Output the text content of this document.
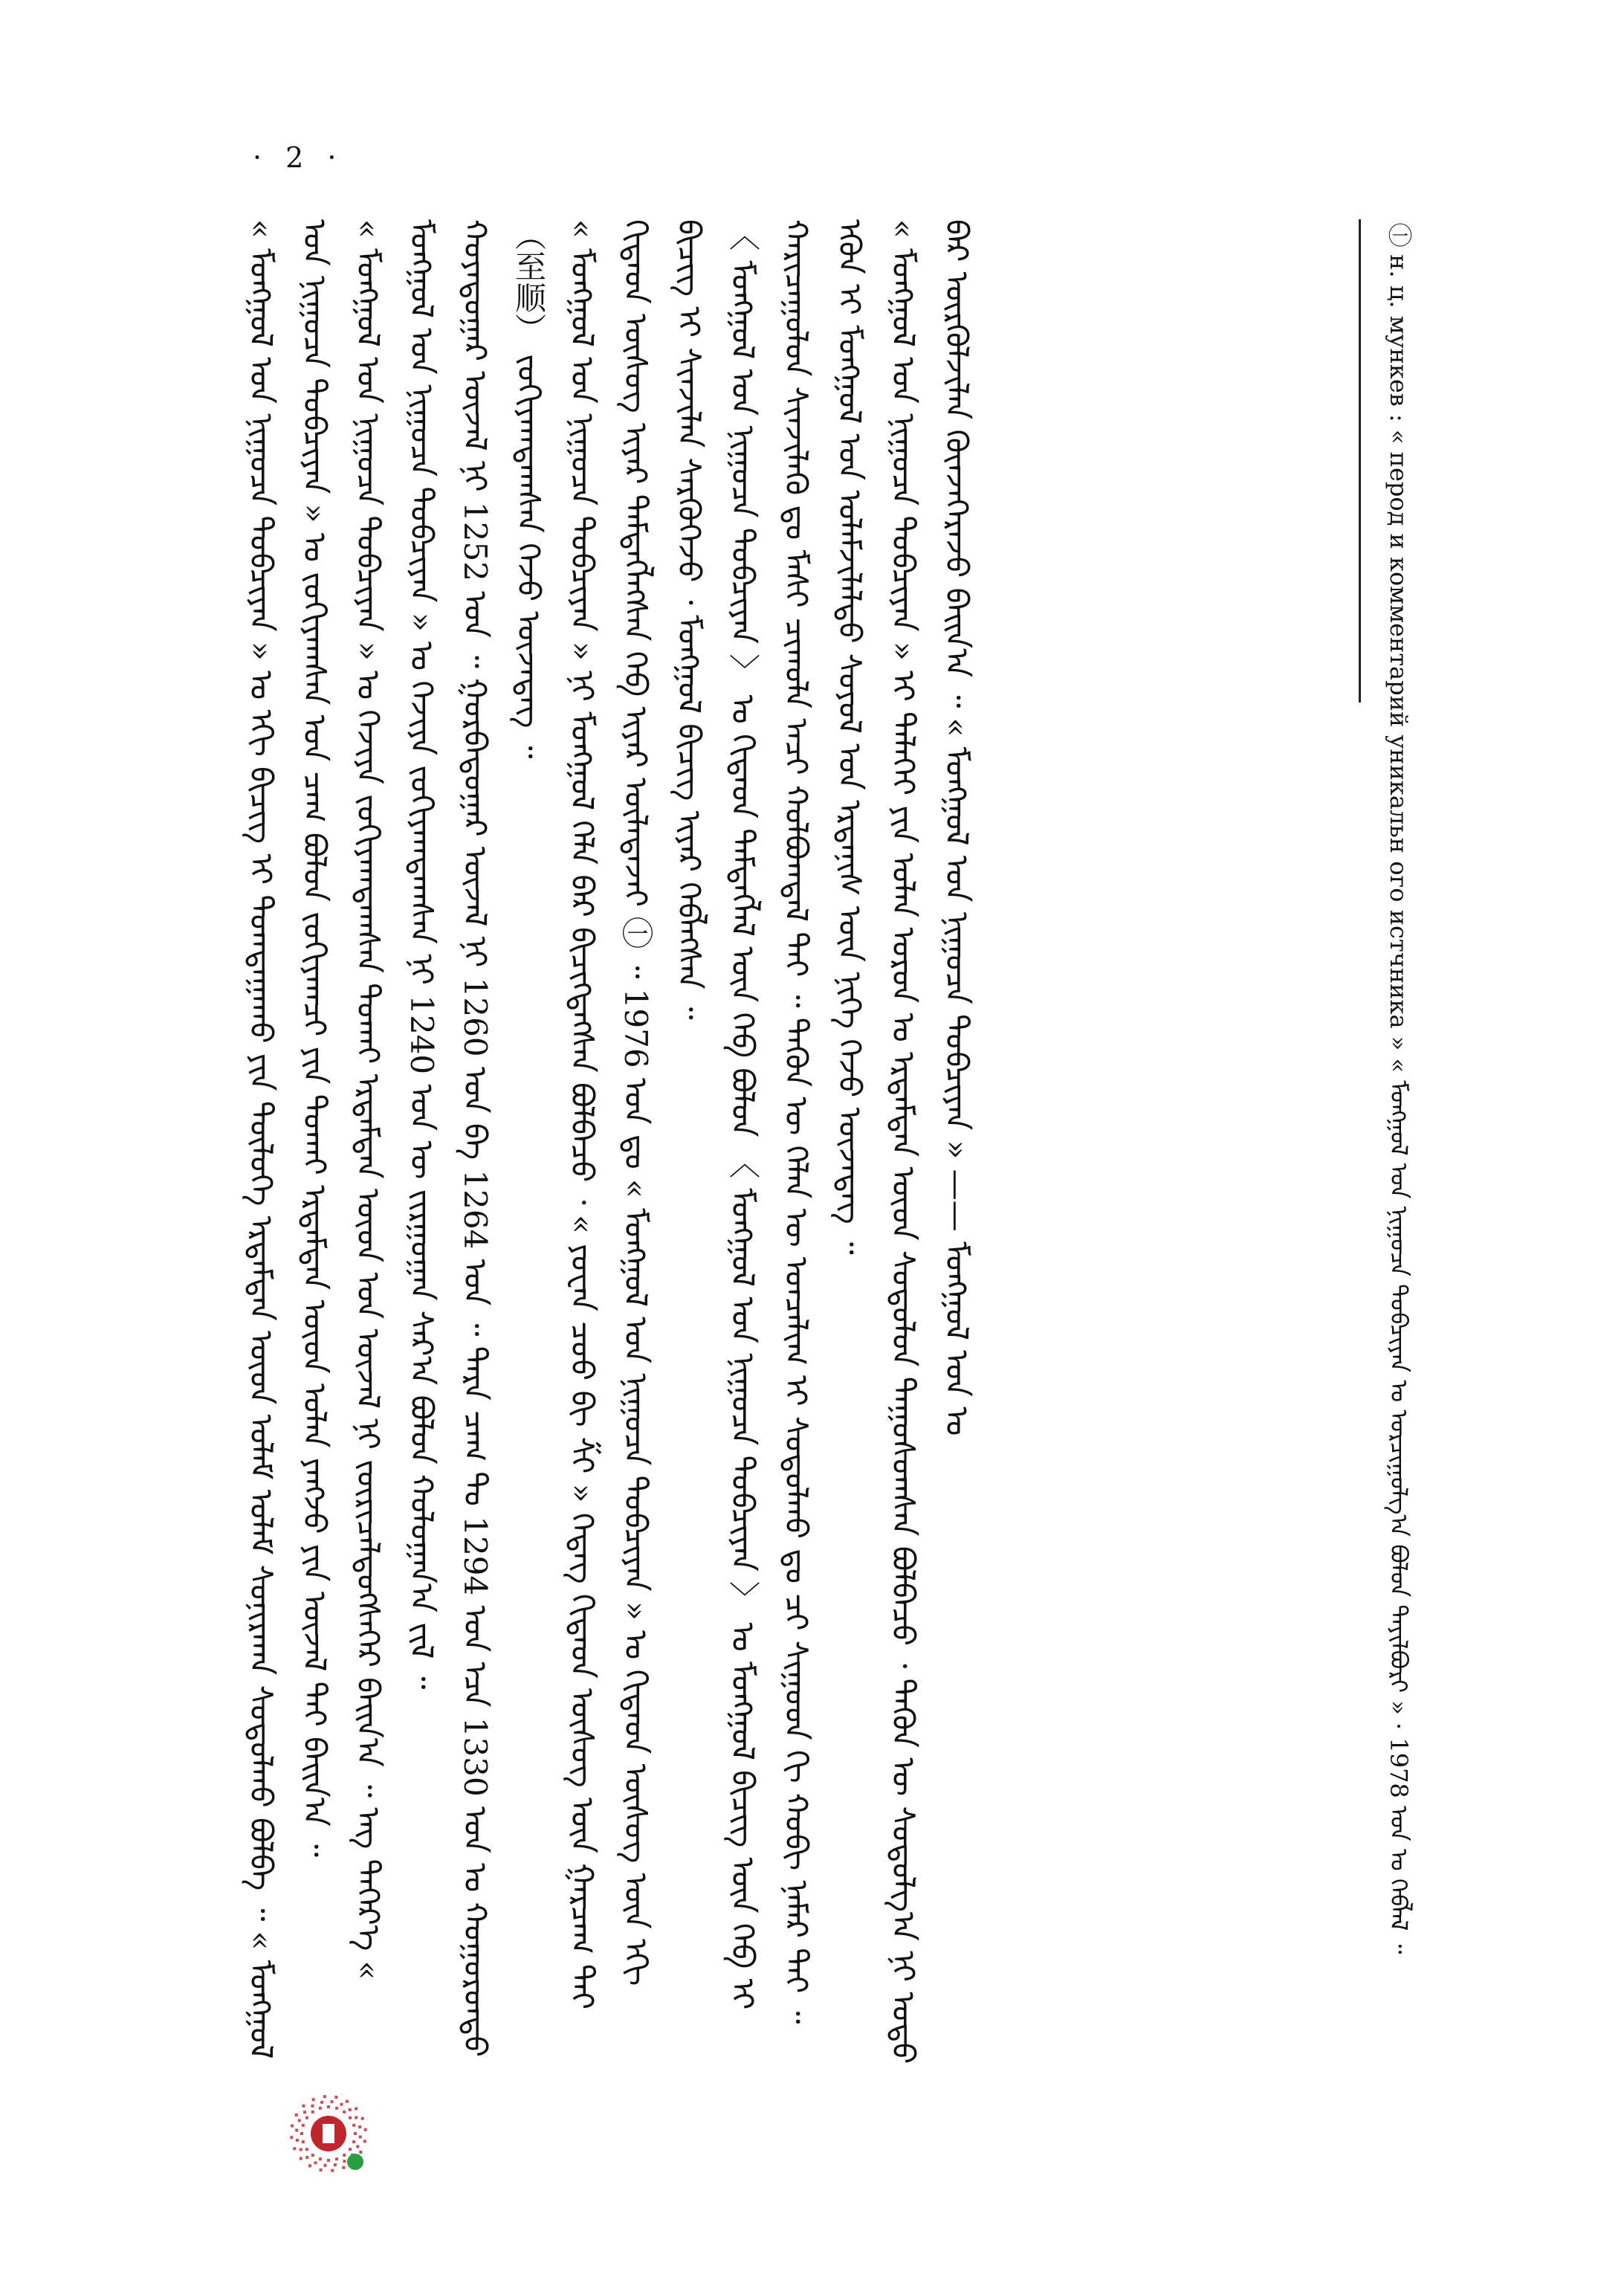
· 2 ·
㊀ н. ц. мункев : « перод и комментарий уникальн ого истчника » « ᠮᠣᠩᠭᠣᠯ ᠤᠨ ᠨᠢᠭᠤᠴᠠ ᠲᠣᠪᠴᠢᠶᠠᠨ ᠤ ᠣᠷᠴᠢᠭᠤᠯᠭ᠎ᠠ ᠪᠣᠯᠤᠨ ᠲᠠᠶᠢᠯᠪᠤᠷᠢ » · 1978 ᠣᠨ ᠤ ᠬᠡᠪᠯᠡᠯ ᠃

« ᠮᠣᠩᠭᠣᠯ ᠤᠨ ᠨᠢᠭᠤᠴᠠ ᠲᠣᠪᠴᠢᠶᠠᠨ » ᠤ ᠡᠬᠢ ᠪᠢᠴᠢᠭ ᠢ ᠲᠣᠭᠲᠠᠭᠠᠬᠤ ᠶᠢᠨ ᠲᠥᠯᠥᠭᠡ ᠡᠷᠳᠡᠮᠲᠡᠨ ᠦᠳ ᠤᠯᠠᠮ ᠤᠯᠠᠮ ᠰᠣᠨᠢᠷᠬᠠᠨ ᠰᠣᠳᠤᠯᠬᠤ ᠪᠣᠯᠪᠠ ᠃ « ᠮᠣᠩᠭᠣᠯ ᠤᠨ ᠨᠢᠭᠤᠴᠠ ᠲᠣᠪᠴᠢᠶᠠᠨ » ᠤ ᠵᠣᠬᠢᠶᠠᠭᠰᠠᠨ ᠣᠨ ᠴᠠᠭ ᠪᠣᠯᠤᠨ ᠵᠣᠬᠢᠶᠠᠭᠴᠢ ᠶᠢᠨ ᠲᠤᠬᠠᠢ ᠡᠷᠳᠡᠮᠲᠡᠨ ᠦᠳ ᠣᠯᠠᠨ ᠶᠠᠩᠵᠤ ᠶᠢᠨ ᠦᠵᠡᠯ ᠲᠡᠢ ᠪᠠᠢᠨ᠎ᠠ ᠃ « ᠮᠣᠩᠭᠣᠯ ᠤᠨ ᠨᠢᠭᠤᠴᠠ ᠲᠣᠪᠴᠢᠶᠠᠨ » ᠤ ᠬᠡᠵᠢᠶᠡ ᠵᠣᠬᠢᠶᠠᠭᠳᠠᠭᠰᠠᠨ ᠲᠤᠬᠠᠢ ᠡᠷᠳᠡᠮᠲᠡᠨ ᠦᠳ ᠤᠨ ᠦᠵᠡᠯ ᠨᠢ ᠵᠥᠷᠢᠴᠡᠯᠳᠦᠭᠰᠡᠭᠡᠷ ᠪᠠᠢᠨ᠎ᠠ ᠃ ᠡᠩ ᠳᠡᠭᠡᠷ᠎ᠡ « ᠮᠣᠩᠭᠣᠯ ᠤᠨ ᠨᠢᠭᠤᠴᠠ ᠲᠣᠪᠴᠢᠶᠠᠨ » ᠤ ᠬᠡᠵᠢᠶᠡ ᠵᠣᠬᠢᠶᠠᠭᠳᠠᠭᠰᠠᠨ ᠨᠢ 1240 ᠣᠨ ᠦ ᠵᠢᠷᠭᠤᠭᠠᠨ ᠰᠠᠷ᠎ᠠ ᠪᠣᠯᠤᠨ ᠬᠣᠯᠤᠭᠠᠨ᠎ᠠ ᠵᠢᠯ ᠃ ᠬᠣᠶᠠᠳᠤᠭᠠᠷ ᠦᠵᠡᠯ ᠨᠢ 1252 ᠣᠨ ᠃ ᠭᠤᠷᠪᠠᠳᠤᠭᠠᠷ ᠦᠵᠡᠯ ᠨᠢ 1260 ᠣᠨ ᠪᠠ 1264 ᠣᠨ ᠃ ᠲᠡᠷᠡ ᠴᠠᠭ ᠲᠤ 1294 ᠣᠨ ᠡᠴᠡ 1330 ᠣᠨ ᠤ ᠬᠣᠭᠣᠷᠣᠨᠳᠤ （至顺） ᠵᠣᠬᠢᠶᠠᠭᠳᠠᠭᠰᠠᠨ ᠭᠡᠵᠦ ᠦᠵᠡᠳᠡᠭ ᠃ « ᠮᠣᠩᠭᠣᠯ ᠤᠨ ᠨᠢᠭᠤᠴᠠ ᠲᠣᠪᠴᠢᠶᠠᠨ » ᠨᠢ ᠮᠣᠩᠭᠣᠯ ᠬᠡᠯᠡ ᠪᠡᠷ ᠪᠢᠴᠢᠭᠳᠡᠭᠰᠡᠨ ᠪᠣᠯᠪᠠᠴᠤ ᠂ « ᠶᠤᠸᠠᠨ ᠴᠣᠣ ᠪᠢ ᠱᠢ » ᠭᠡᠳᠡᠭ ᠬᠢᠲᠠᠳ ᠦᠰᠦᠭ ᠦᠨ ᠭᠠᠷᠴᠠᠭ ᠲᠠᠢ ᠬᠢᠲᠠᠳ ᠦᠰᠦᠭ ᠢᠶᠡᠷ ᠲᠡᠮᠳᠡᠭᠯᠡᠭᠰᠡᠨ ᠬᠡᠪ ᠢᠶᠡᠷ ᠦᠯᠡᠳᠡᠵᠡᠢ ㊀ ᠃ 1976 ᠣᠨ ᠳᠤ « ᠮᠣᠩᠭᠣᠯ ᠤᠨ ᠨᠢᠭᠤᠴᠠ ᠲᠣᠪᠴᠢᠶᠠᠨ » ᠤ ᠬᠢᠲᠠᠳ ᠦᠰᠦᠭ ᠦᠨ ᠡᠬᠢ ᠪᠢᠴᠢᠭ ᠢ ᠰᠢᠨᠵᠢᠯᠡᠨ ᠰᠡᠷᠭᠦᠭᠡᠵᠦ ᠂ ᠮᠣᠩᠭᠣᠯ ᠪᠢᠴᠢᠭ ᠢᠶᠡᠷ ᠬᠡᠪᠯᠡᠭᠰᠡᠨ ᠃ 〈 ᠮᠣᠩᠭᠣᠯ ᠤᠨ ᠨᠢᠭᠤᠴᠠ ᠲᠣᠪᠴᠢᠶᠠᠨ 〉 ᠤ ᠬᠢᠲᠠᠳ ᠲᠡᠮᠳᠡᠭᠯᠡᠯ ᠦᠨ ᠬᠡᠪ ᠪᠣᠯᠤᠨ 〈 ᠮᠣᠩᠭᠣᠯ ᠤᠨ ᠨᠢᠭᠤᠴᠠ ᠲᠣᠪᠴᠢᠶᠠᠨ 〉 ᠤ ᠮᠣᠩᠭᠣᠯ ᠪᠢᠴᠢᠭ ᠦᠨ ᠬᠡᠪ ᠢ ᠬᠠᠷᠢᠴᠠᠭᠤᠯᠤᠨ ᠰᠢᠨᠵᠢᠯᠡᠬᠦ ᠳᠤ ᠮᠠᠰᠢ ᠴᠢᠬᠤᠯᠠ ᠠᠴᠢ ᠬᠣᠯᠪᠣᠭᠳᠠᠯ ᠲᠠᠢ ᠃ ᠲᠡᠭᠦᠨ ᠦ ᠬᠡᠯᠡᠨ ᠦ ᠣᠨᠴᠠᠯᠢᠭ ᠢ ᠰᠣᠳᠤᠯᠬᠤ ᠳᠤ ᠴᠢ ᠰᠢᠭᠤᠳ ᠬᠢ ᠬᠤᠪᠢ ᠨᠡᠮᠡᠷ ᠲᠡᠢ ᠃ ᠡᠭᠦᠨ ᠢ ᠮᠣᠩᠭᠣᠯ ᠤᠨ ᠤᠯᠠᠮᠵᠢᠯᠠᠯᠲᠤ ᠰᠣᠶᠣᠯ ᠤᠨ ᠡᠷᠳᠡᠨᠢᠰ ᠦᠨ ᠨᠢᠭᠡ ᠭᠡᠵᠦ ᠦᠵᠡᠳᠡᠭ ᠃ « ᠮᠣᠩᠭᠣᠯ ᠤᠨ ᠨᠢᠭᠤᠴᠠ ᠲᠣᠪᠴᠢᠶᠠᠨ » ᠢ ᠳᠡᠯᠡᠬᠡᠢ ᠶᠢᠨ ᠣᠯᠠᠨ ᠣᠷᠣᠨ ᠤ ᠡᠷᠳᠡᠮᠲᠡᠨ ᠦᠳ ᠰᠣᠳᠤᠯᠤᠨ ᠳᠠᠭᠤᠰᠤᠭᠰᠠᠨ ᠪᠣᠯᠪᠠᠴᠤ ᠂ ᠲᠡᠭᠦᠨ ᠦ ᠰᠣᠳᠤᠯᠭ᠎ᠠ ᠨᠢ ᠣᠳᠣ ᠪᠠᠷ ᠦᠷᠭᠦᠯᠵᠢᠯᠡᠨ ᠭᠦᠨᠵᠡᠭᠡᠷᠡᠵᠦ ᠪᠠᠢᠨ᠎ᠠ ᠃ « ᠮᠣᠩᠭᠣᠯ ᠤᠨ ᠨᠢᠭᠤᠴᠠ ᠲᠣᠪᠴᠢᠶᠠᠨ » —— ᠮᠣᠩᠭᠣᠯ ᠤᠨ ᠤ
